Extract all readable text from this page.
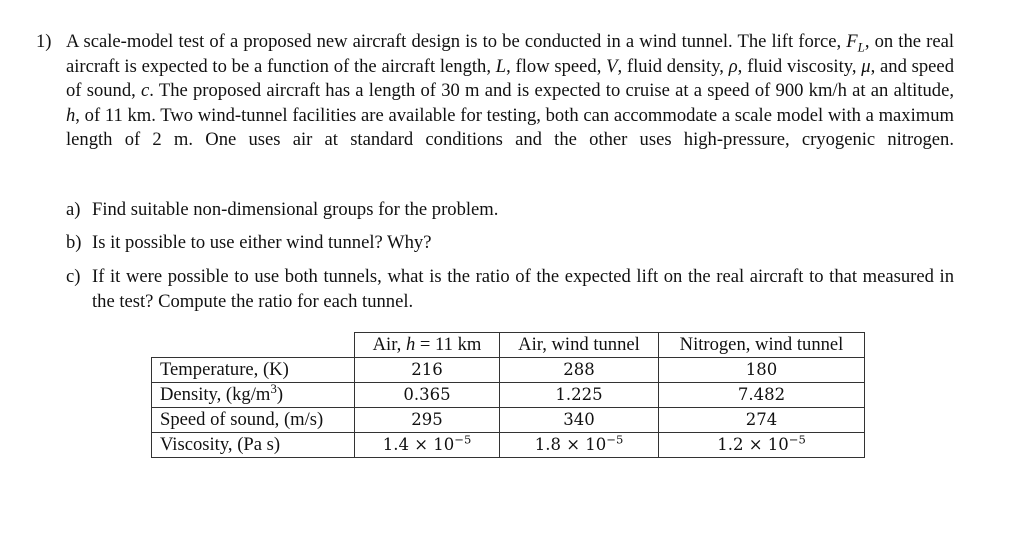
1) A scale-model test of a proposed new aircraft design is to be conducted in a wind tunnel. The lift force, $F_L$, on the real aircraft is expected to be a function of the aircraft length, L, flow speed, V, fluid density, ρ, fluid viscosity, μ, and speed of sound, c. The proposed aircraft has a length of 30 m and is expected to cruise at a speed of 900 km/h at an altitude, h, of 11 km. Two wind-tunnel facilities are available for testing, both can accommodate a scale model with a maximum length of 2 m. One uses air at standard conditions and the other uses high-pressure, cryogenic nitrogen.
a) Find suitable non-dimensional groups for the problem.
b) Is it possible to use either wind tunnel? Why?
c) If it were possible to use both tunnels, what is the ratio of the expected lift on the real aircraft to that measured in the test? Compute the ratio for each tunnel.
	Air, h = 11 km	Air, wind tunnel	Nitrogen, wind tunnel
Temperature, (K)	216	288	180
Density, $(kg/m^3)$	0.365	1.225	7.482
Speed of sound, (m/s)	295	340	274
Viscosity, (Pa s)	$1.4 \times 10^{-5}$	$1.8 \times 10^{-5}$	$1.2 \times 10^{-5}$
